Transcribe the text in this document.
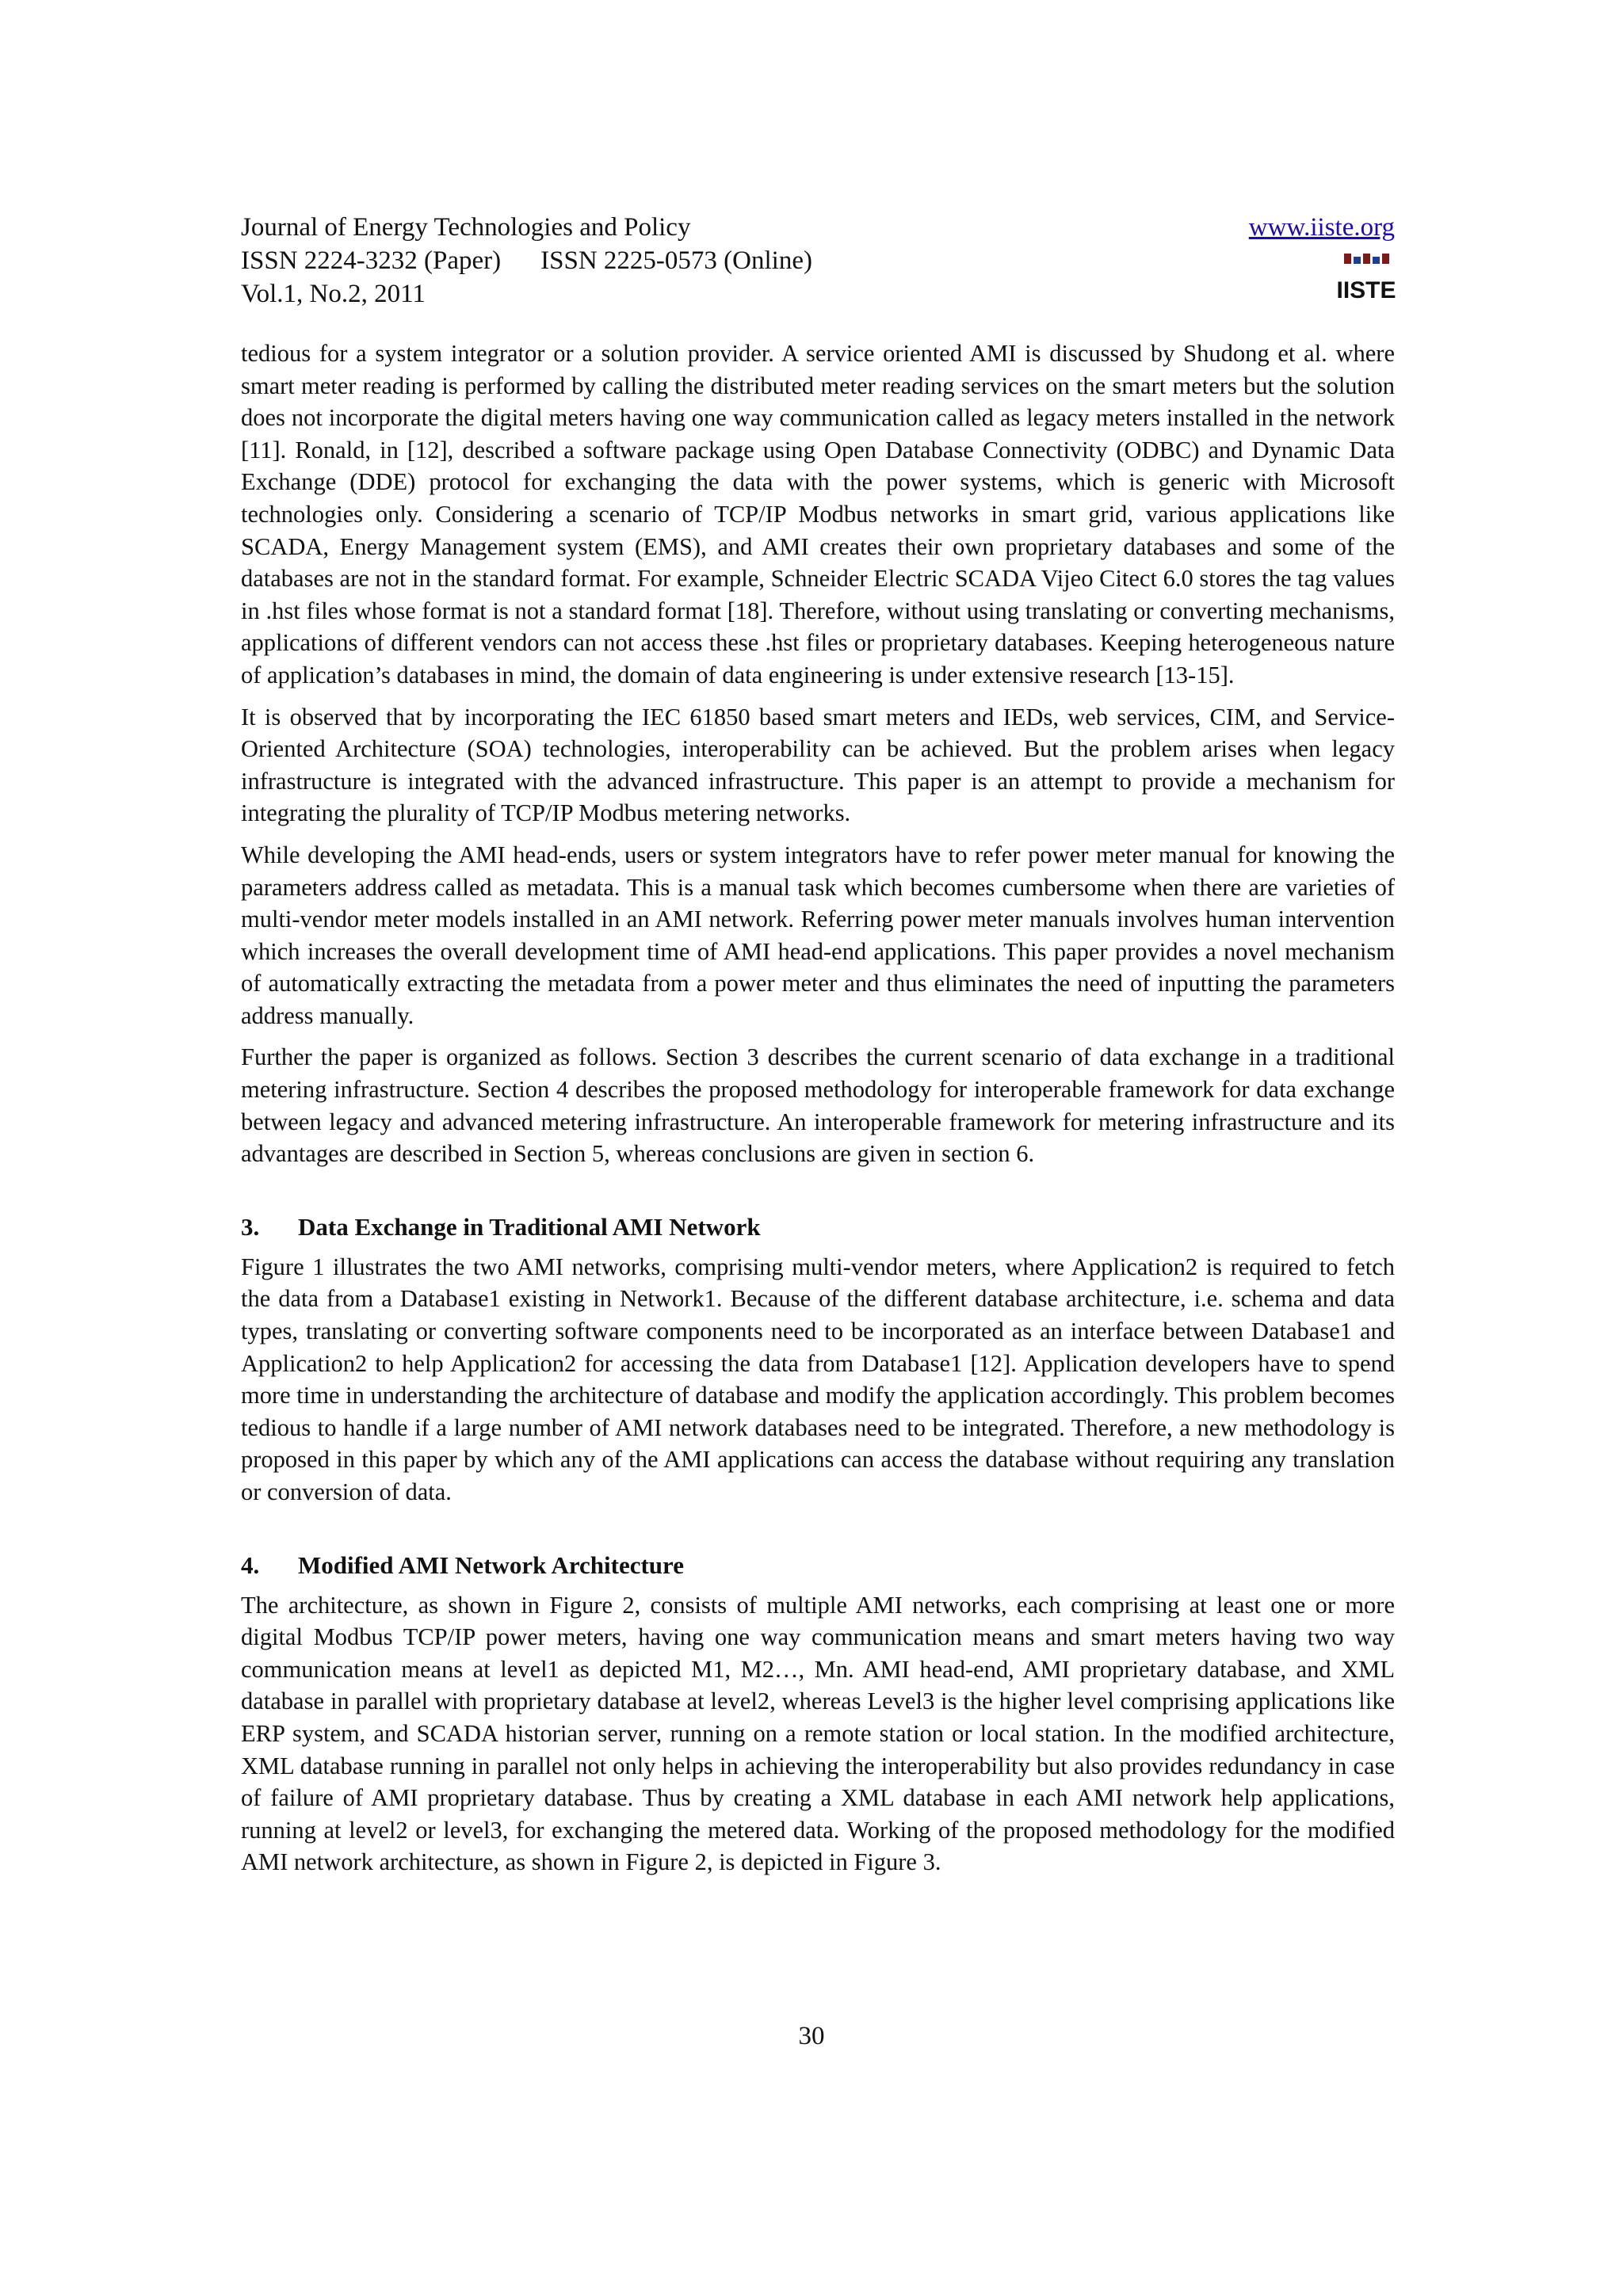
Journal of Energy Technologies and Policy
ISSN 2224-3232 (Paper) ISSN 2225-0573 (Online)
Vol.1, No.2, 2011
www.iiste.org
IISTE

tedious for a system integrator or a solution provider. A service oriented AMI is discussed by Shudong et al. where smart meter reading is performed by calling the distributed meter reading services on the smart meters but the solution does not incorporate the digital meters having one way communication called as legacy meters installed in the network [11]. Ronald, in [12], described a software package using Open Database Connectivity (ODBC) and Dynamic Data Exchange (DDE) protocol for exchanging the data with the power systems, which is generic with Microsoft technologies only. Considering a scenario of TCP/IP Modbus networks in smart grid, various applications like SCADA, Energy Management system (EMS), and AMI creates their own proprietary databases and some of the databases are not in the standard format. For example, Schneider Electric SCADA Vijeo Citect 6.0 stores the tag values in .hst files whose format is not a standard format [18]. Therefore, without using translating or converting mechanisms, applications of different vendors can not access these .hst files or proprietary databases. Keeping heterogeneous nature of application’s databases in mind, the domain of data engineering is under extensive research [13-15].

It is observed that by incorporating the IEC 61850 based smart meters and IEDs, web services, CIM, and Service-Oriented Architecture (SOA) technologies, interoperability can be achieved. But the problem arises when legacy infrastructure is integrated with the advanced infrastructure. This paper is an attempt to provide a mechanism for integrating the plurality of TCP/IP Modbus metering networks.

While developing the AMI head-ends, users or system integrators have to refer power meter manual for knowing the parameters address called as metadata. This is a manual task which becomes cumbersome when there are varieties of multi-vendor meter models installed in an AMI network. Referring power meter manuals involves human intervention which increases the overall development time of AMI head-end applications. This paper provides a novel mechanism of automatically extracting the metadata from a power meter and thus eliminates the need of inputting the parameters address manually.

Further the paper is organized as follows. Section 3 describes the current scenario of data exchange in a traditional metering infrastructure. Section 4 describes the proposed methodology for interoperable framework for data exchange between legacy and advanced metering infrastructure. An interoperable framework for metering infrastructure and its advantages are described in Section 5, whereas conclusions are given in section 6.

3. Data Exchange in Traditional AMI Network

Figure 1 illustrates the two AMI networks, comprising multi-vendor meters, where Application2 is required to fetch the data from a Database1 existing in Network1. Because of the different database architecture, i.e. schema and data types, translating or converting software components need to be incorporated as an interface between Database1 and Application2 to help Application2 for accessing the data from Database1 [12]. Application developers have to spend more time in understanding the architecture of database and modify the application accordingly. This problem becomes tedious to handle if a large number of AMI network databases need to be integrated. Therefore, a new methodology is proposed in this paper by which any of the AMI applications can access the database without requiring any translation or conversion of data.

4. Modified AMI Network Architecture

The architecture, as shown in Figure 2, consists of multiple AMI networks, each comprising at least one or more digital Modbus TCP/IP power meters, having one way communication means and smart meters having two way communication means at level1 as depicted M1, M2…, Mn. AMI head-end, AMI proprietary database, and XML database in parallel with proprietary database at level2, whereas Level3 is the higher level comprising applications like ERP system, and SCADA historian server, running on a remote station or local station. In the modified architecture, XML database running in parallel not only helps in achieving the interoperability but also provides redundancy in case of failure of AMI proprietary database. Thus by creating a XML database in each AMI network help applications, running at level2 or level3, for exchanging the metered data. Working of the proposed methodology for the modified AMI network architecture, as shown in Figure 2, is depicted in Figure 3.

30
